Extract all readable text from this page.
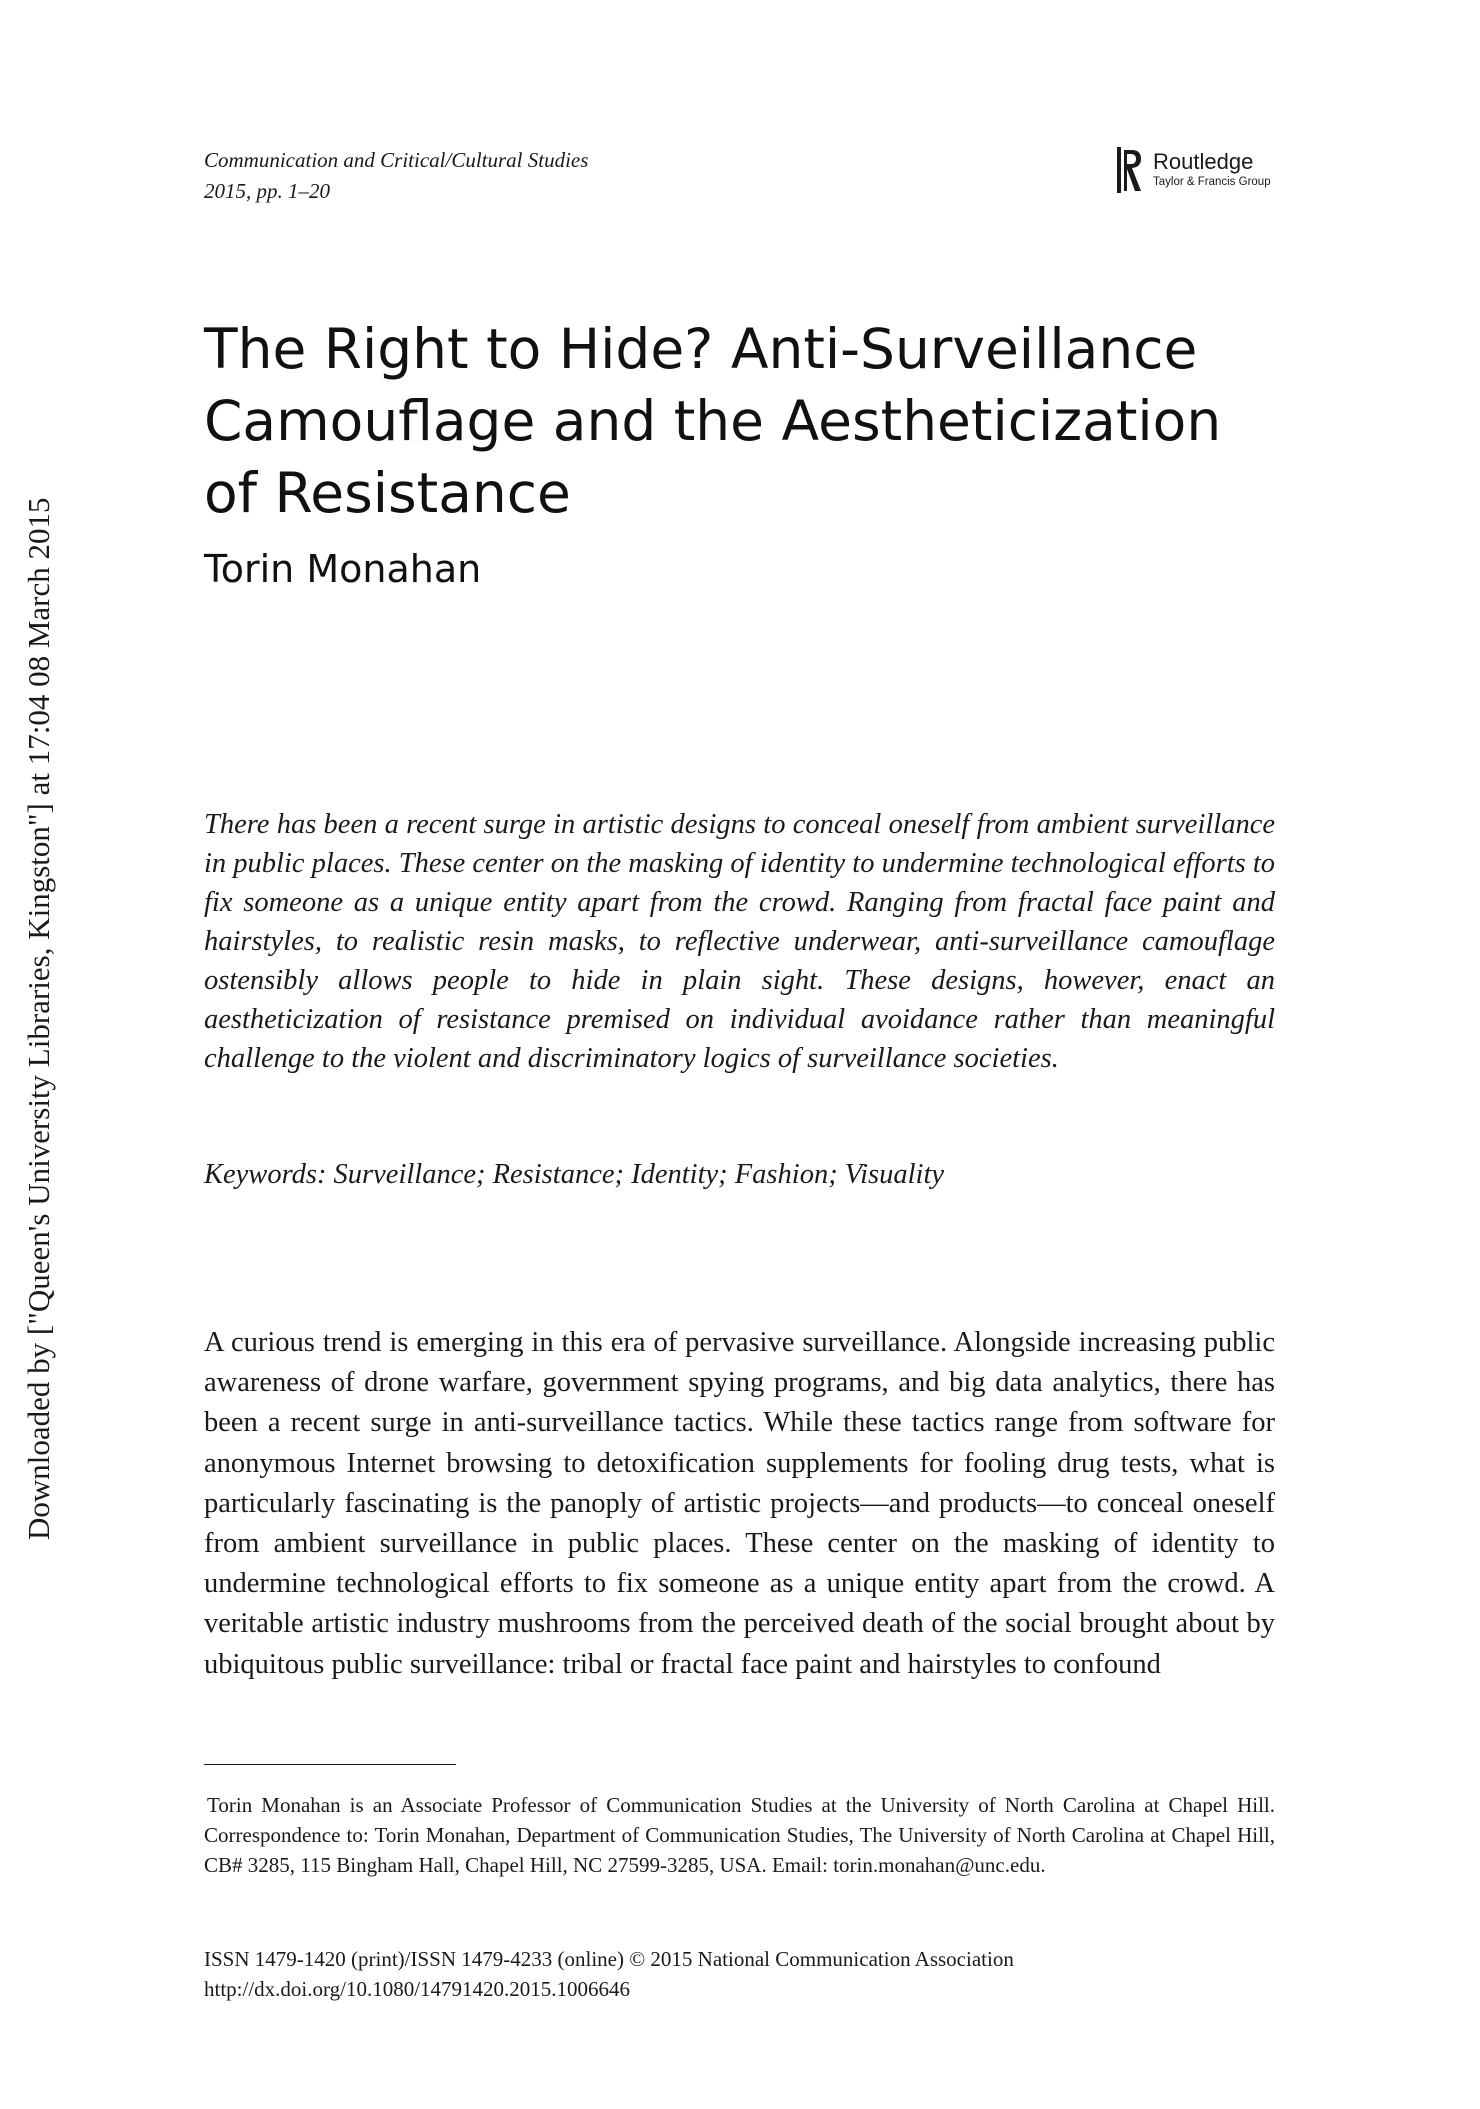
Downloaded by ["Queen's University Libraries, Kingston"] at 17:04 08 March 2015
Communication and Critical/Cultural Studies
2015, pp. 1–20
Routledge
Taylor & Francis Group
The Right to Hide? Anti-Surveillance Camouflage and the Aestheticization of Resistance
Torin Monahan

There has been a recent surge in artistic designs to conceal oneself from ambient surveillance in public places. These center on the masking of identity to undermine technological efforts to fix someone as a unique entity apart from the crowd. Ranging from fractal face paint and hairstyles, to realistic resin masks, to reflective underwear, anti-surveillance camouflage ostensibly allows people to hide in plain sight. These designs, however, enact an aestheticization of resistance premised on individual avoidance rather than meaningful challenge to the violent and discriminatory logics of surveillance societies.

Keywords: Surveillance; Resistance; Identity; Fashion; Visuality

A curious trend is emerging in this era of pervasive surveillance. Alongside increasing public awareness of drone warfare, government spying programs, and big data analytics, there has been a recent surge in anti-surveillance tactics. While these tactics range from software for anonymous Internet browsing to detoxification supplements for fooling drug tests, what is particularly fascinating is the panoply of artistic projects—and products—to conceal oneself from ambient surveillance in public places. These center on the masking of identity to undermine technological efforts to fix someone as a unique entity apart from the crowd. A veritable artistic industry mushrooms from the perceived death of the social brought about by ubiquitous public surveillance: tribal or fractal face paint and hairstyles to confound

Torin Monahan is an Associate Professor of Communication Studies at the University of North Carolina at Chapel Hill. Correspondence to: Torin Monahan, Department of Communication Studies, The University of North Carolina at Chapel Hill, CB# 3285, 115 Bingham Hall, Chapel Hill, NC 27599-3285, USA. Email: torin.monahan@unc.edu.

ISSN 1479-1420 (print)/ISSN 1479-4233 (online) © 2015 National Communication Association
http://dx.doi.org/10.1080/14791420.2015.1006646
